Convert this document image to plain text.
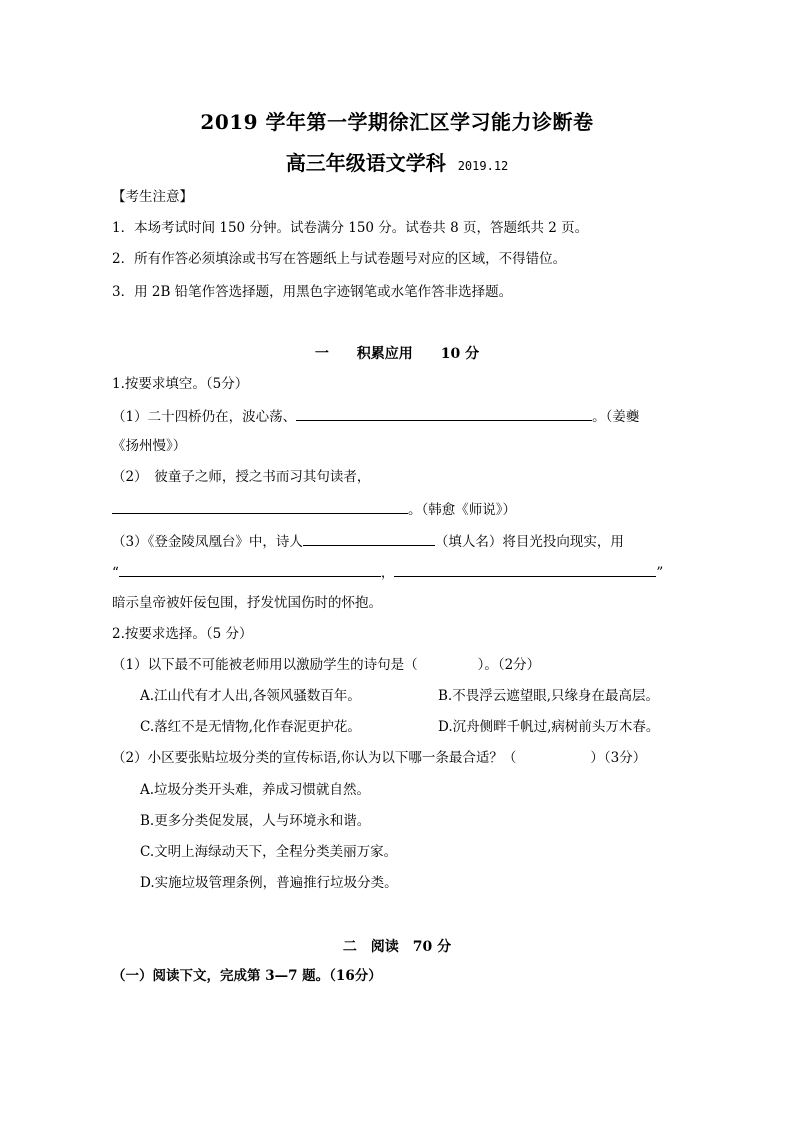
2019 学年第一学期徐汇区学习能力诊断卷
高三年级语文学科 2019.12
【考生注意】
1．本场考试时间 150 分钟。试卷满分 150 分。试卷共 8 页，答题纸共 2 页。
2．所有作答必须填涂或书写在答题纸上与试卷题号对应的区域，不得错位。
3．用 2B 铅笔作答选择题，用黑色字迹钢笔或水笔作答非选择题。
一　　积累应用　　10 分
1.按要求填空。（5分）
（1）二十四桥仍在，波心荡、	。（姜夔
《扬州慢》）
（2）　彼童子之师，授之书而习其句读者，
。（韩愈《师说》）
（3）《登金陵凤凰台》中，诗人	（填人名）将目光投向现实，用
“	，	”
暗示皇帝被奸佞包围，抒发忧国伤时的怀抱。
2.按要求选择。（5 分）
（1）以下最不可能被老师用以激励学生的诗句是（	）。（2分）
A.江山代有才人出,各领风骚数百年。	B.不畏浮云遮望眼,只缘身在最高层。
C.落红不是无情物,化作春泥更护花。	D.沉舟侧畔千帆过,病树前头万木春。
（2）小区要张贴垃圾分类的宣传标语,你认为以下哪一条最合适？（	）（3分）
A.垃圾分类开头难，养成习惯就自然。
B.更多分类促发展，人与环境永和谐。
C.文明上海绿动天下，全程分类美丽万家。
D.实施垃圾管理条例，普遍推行垃圾分类。
二　阅读　70 分
（一）阅读下文，完成第 3—7 题。（16分）
